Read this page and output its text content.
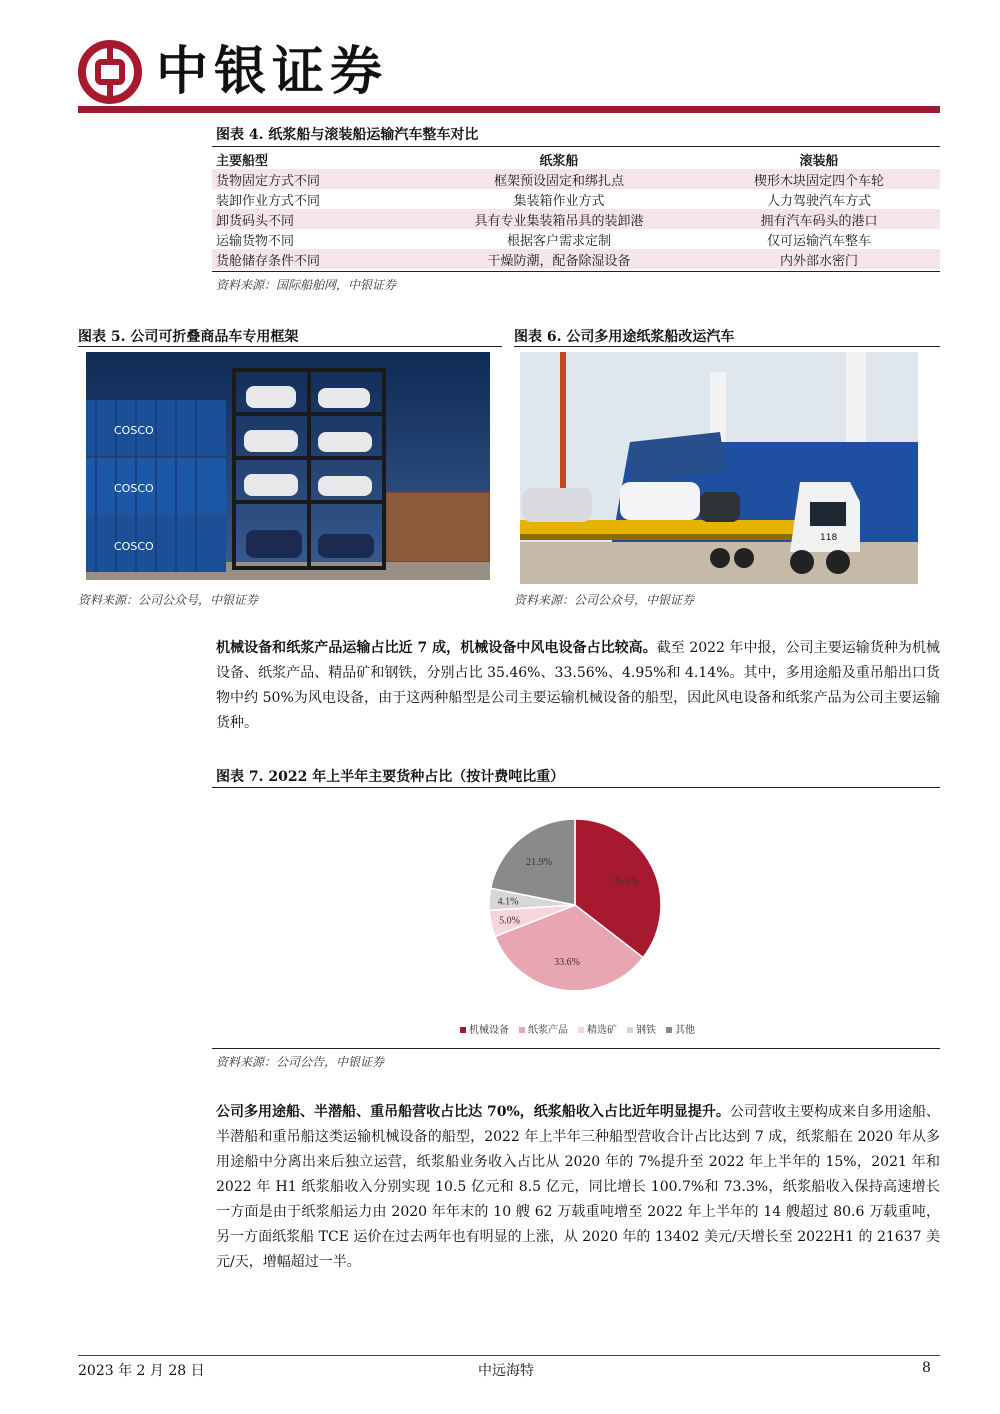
中银证券
图表 4. 纸浆船与滚装船运输汽车整车对比
主要船型	纸浆船	滚装船
货物固定方式不同	框架预设固定和绑扎点	楔形木块固定四个车轮
装卸作业方式不同	集装箱作业方式	人力驾驶汽车方式
卸货码头不同	具有专业集装箱吊具的装卸港	拥有汽车码头的港口
运输货物不同	根据客户需求定制	仅可运输汽车整车
货舱储存条件不同	干燥防潮，配备除湿设备	内外部水密门
资料来源：国际船舶网，中银证券
图表 5. 公司可折叠商品车专用框架
COSCO
COSCO
COSCO
资料来源：公司公众号，中银证券
图表 6. 公司多用途纸浆船改运汽车
118
资料来源：公司公众号，中银证券
机械设备和纸浆产品运输占比近 7 成，机械设备中风电设备占比较高。截至 2022 年中报，公司主要运输货种为机械设备、纸浆产品、精品矿和钢铁，分别占比 35.46%、33.56%、4.95%和 4.14%。其中，多用途船及重吊船出口货物中约 50%为风电设备，由于这两种船型是公司主要运输机械设备的船型，因此风电设备和纸浆产品为公司主要运输货种。
图表 7. 2022 年上半年主要货种占比（按计费吨比重）
35.5%
33.6%
5.0%
4.1%
21.9%
机械设备	纸浆产品	精选矿	钢铁	其他
资料来源：公司公告，中银证券
公司多用途船、半潜船、重吊船营收占比达 70%，纸浆船收入占比近年明显提升。公司营收主要构成来自多用途船、半潜船和重吊船这类运输机械设备的船型，2022 年上半年三种船型营收合计占比达到 7 成，纸浆船在 2020 年从多用途船中分离出来后独立运营，纸浆船业务收入占比从 2020 年的 7%提升至 2022 年上半年的 15%，2021 年和 2022 年 H1 纸浆船收入分别实现 10.5 亿元和 8.5 亿元，同比增长 100.7%和 73.3%，纸浆船收入保持高速增长一方面是由于纸浆船运力由 2020 年年末的 10 艘 62 万载重吨增至 2022 年上半年的 14 艘超过 80.6 万载重吨，另一方面纸浆船 TCE 运价在过去两年也有明显的上涨，从 2020 年的 13402 美元/天增长至 2022H1 的 21637 美元/天，增幅超过一半。
2023 年 2 月 28 日	中远海特	8
